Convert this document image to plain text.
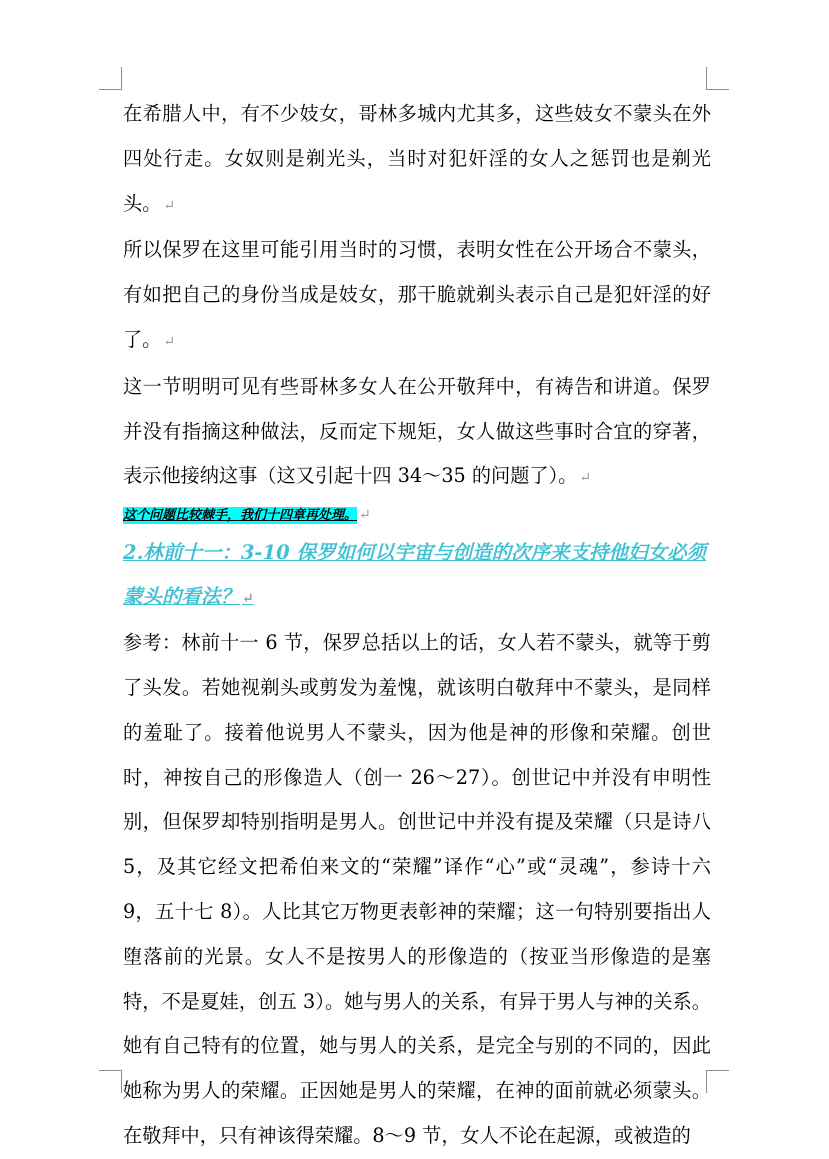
在希腊人中，有不少妓女，哥林多城内尤其多，这些妓女不蒙头在外四处行走。女奴则是剃光头，当时对犯奸淫的女人之惩罚也是剃光头。 ↵

所以保罗在这里可能引用当时的习惯，表明女性在公开场合不蒙头，有如把自己的身份当成是妓女，那干脆就剃头表示自己是犯奸淫的好了。 ↵

这一节明明可见有些哥林多女人在公开敬拜中，有祷告和讲道。保罗并没有指摘这种做法，反而定下规矩，女人做这些事时合宜的穿著，表示他接纳这事（这又引起十四 34～35 的问题了）。 ↵

这个问题比较棘手，我们十四章再处理。 ↵

2.林前十一：3-10 保罗如何以宇宙与创造的次序来支持他妇女必须蒙头的看法？ ↵

参考：林前十一 6 节，保罗总括以上的话，女人若不蒙头，就等于剪了头发。若她视剃头或剪发为羞愧，就该明白敬拜中不蒙头，是同样的羞耻了。接着他说男人不蒙头，因为他是神的形像和荣耀。创世时，神按自己的形像造人（创一 26～27）。创世记中并没有申明性别，但保罗却特别指明是男人。创世记中并没有提及荣耀（只是诗八 5，及其它经文把希伯来文的“荣耀”译作“心”或“灵魂”，参诗十六 9，五十七 8）。人比其它万物更表彰神的荣耀；这一句特别要指出人堕落前的光景。女人不是按男人的形像造的（按亚当形像造的是塞特，不是夏娃，创五 3）。她与男人的关系，有异于男人与神的关系。她有自己特有的位置，她与男人的关系，是完全与别的不同的，因此她称为男人的荣耀。正因她是男人的荣耀，在神的面前就必须蒙头。在敬拜中，只有神该得荣耀。8～9 节，女人不论在起源，或被造的
